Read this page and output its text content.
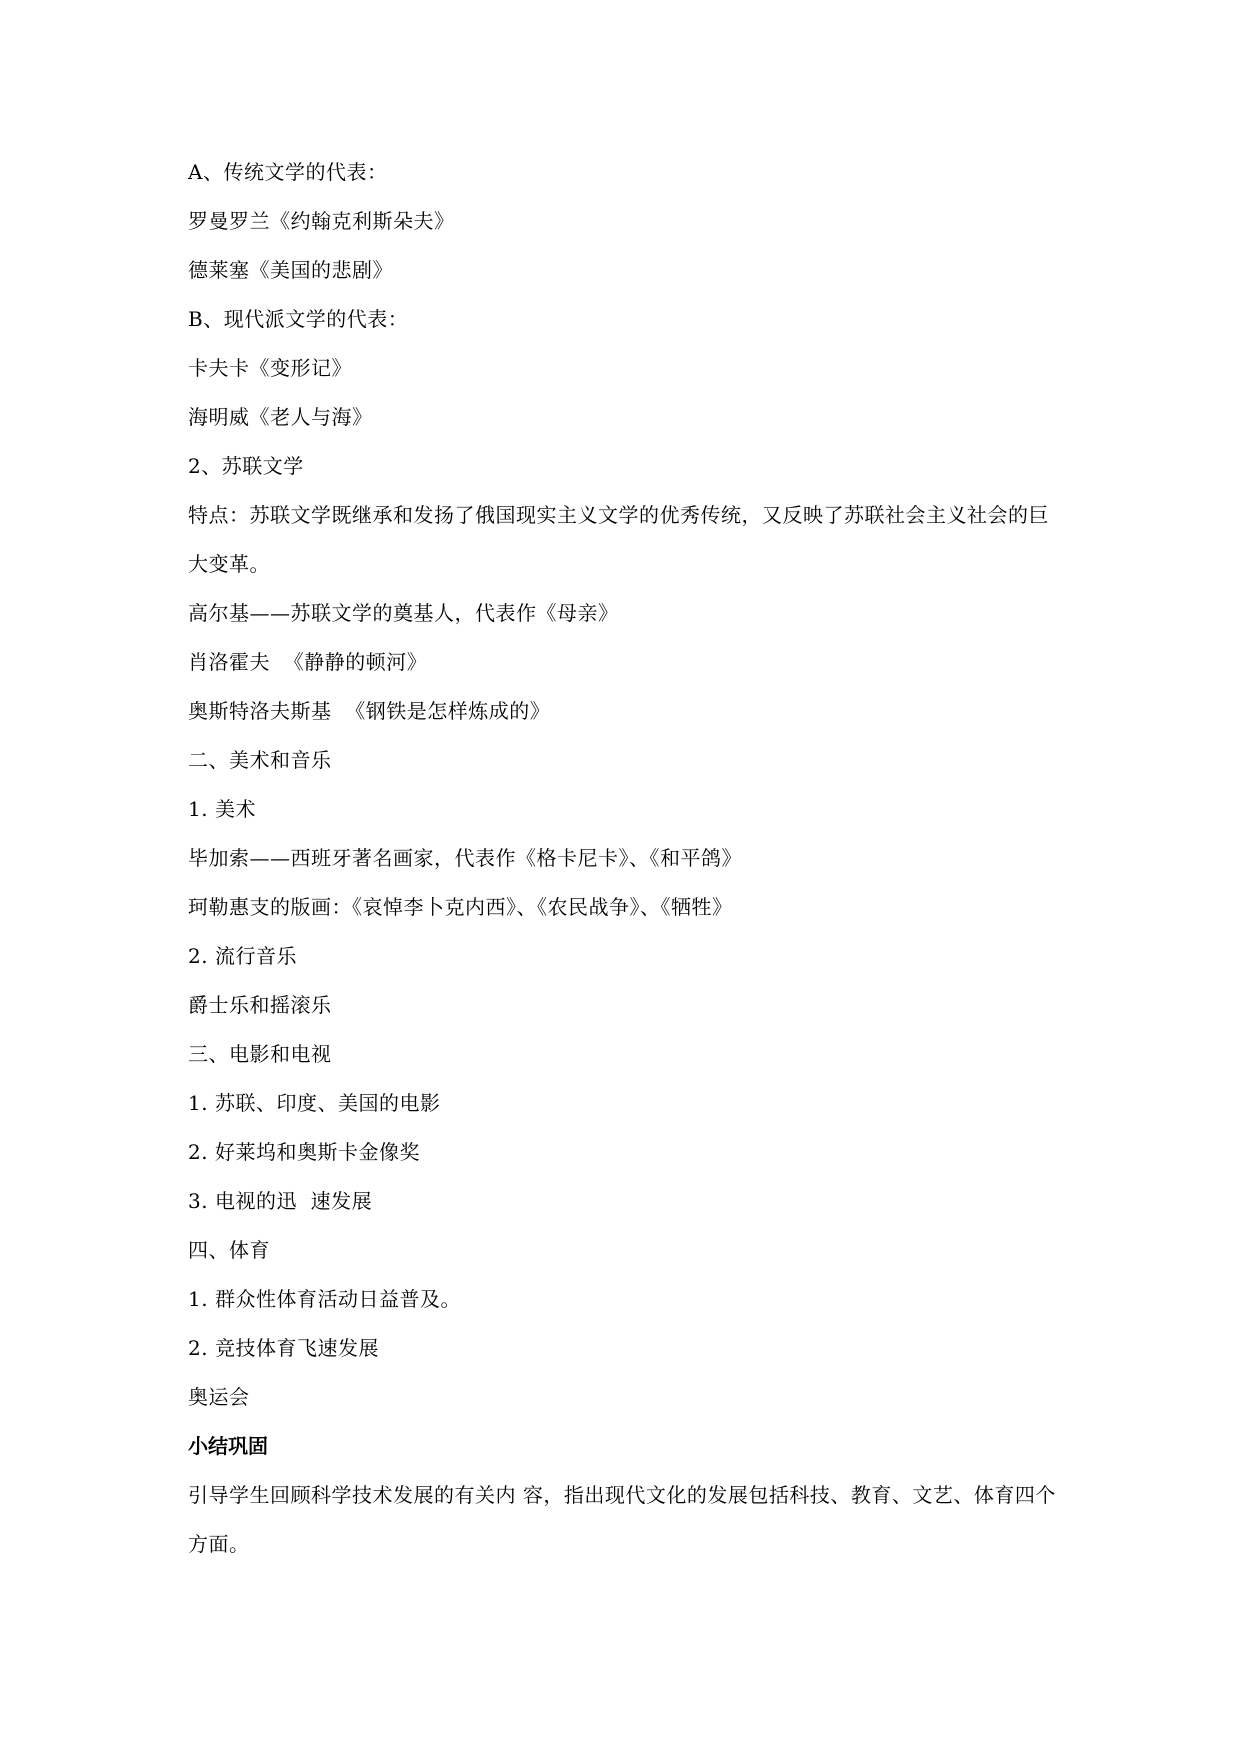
A、传统文学的代表：
罗曼罗兰《约翰克利斯朵夫》
德莱塞《美国的悲剧》
B、现代派文学的代表：
卡夫卡《变形记》
海明威《老人与海》
2、苏联文学
特点：苏联文学既继承和发扬了俄国现实主义文学的优秀传统，又反映了苏联社会主义社会的巨大变革。
高尔基——苏联文学的奠基人，代表作《母亲》
肖洛霍夫  《静静的顿河》
奥斯特洛夫斯基  《钢铁是怎样炼成的》
二、美术和音乐
1. 美术
毕加索——西班牙著名画家，代表作《格卡尼卡》、《和平鸽》
珂勒惠支的版画：《哀悼李卜克内西》、《农民战争》、《牺牲》
2. 流行音乐
爵士乐和摇滚乐
三、电影和电视
1. 苏联、印度、美国的电影
2. 好莱坞和奥斯卡金像奖
3. 电视的迅  速发展
四、体育
1. 群众性体育活动日益普及。
2. 竞技体育飞速发展
奥运会
小结巩固
引导学生回顾科学技术发展的有关内 容，指出现代文化的发展包括科技、教育、文艺、体育四个方面。
